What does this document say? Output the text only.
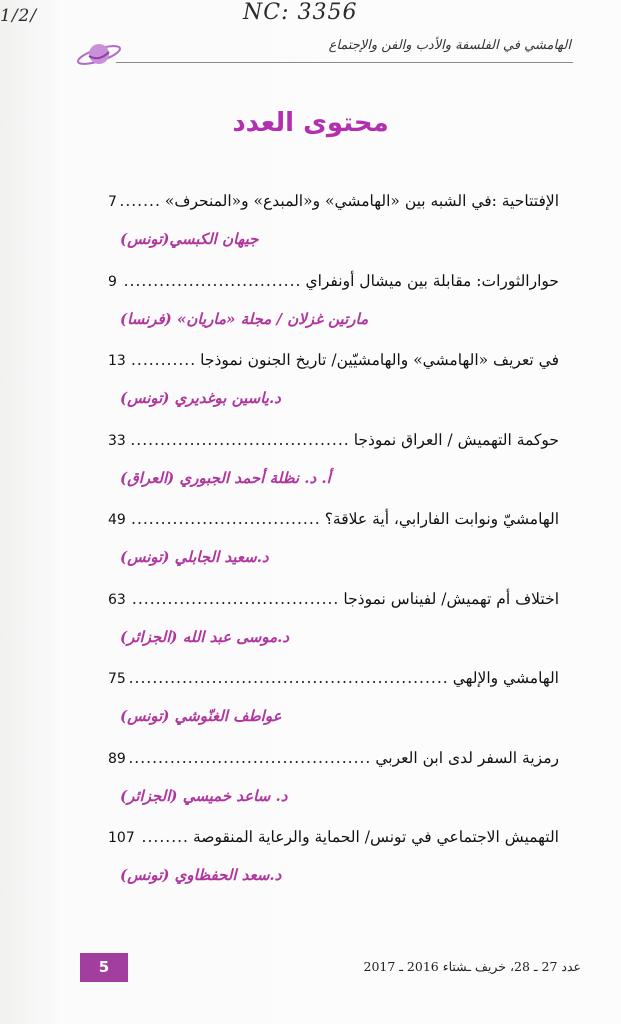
1/2/	NC: 3356
الهامشي في الفلسفة والأدب والفن والإجتماع
محتوى العدد
الإفتتاحية :في الشبه بين «الهامشي» و«المبدع» و«المنحرف»
.....
7
جيهان الكبسي(تونس)
حوارالثورات: مقابلة بين ميشال أونفراي
.....
9
مارتين غزلان / مجلة «ماريان» (فرنسا)
في تعريف «الهامشي» والهامشيّين/ تاريخ الجنون نموذجا
.....
13
د.ياسين بوغديري (تونس)
حوكمة التهميش / العراق نموذجا
.....
33
أ. د. نظلة أحمد الجبوري (العراق)
الهامشيّ ونوابت الفارابي، أية علاقة؟
.....
49
د.سعيد الجابلي (تونس)
اختلاف أم تهميش/ لفيناس نموذجا
.....
63
د.موسى عبد الله (الجزائر)
الهامشي والإلهي
.....
75
عواطف الغنّوشي (تونس)
رمزية السفر لدى ابن العربي
.....
89
د. ساعد خميسي (الجزائر)
التهميش الاجتماعي في تونس/ الحماية والرعاية المنقوصة
.....
107
د.سعد الحفظاوي (تونس)
5	عدد 27 ـ 28، خريف ـشتاء 2016 ـ 2017
